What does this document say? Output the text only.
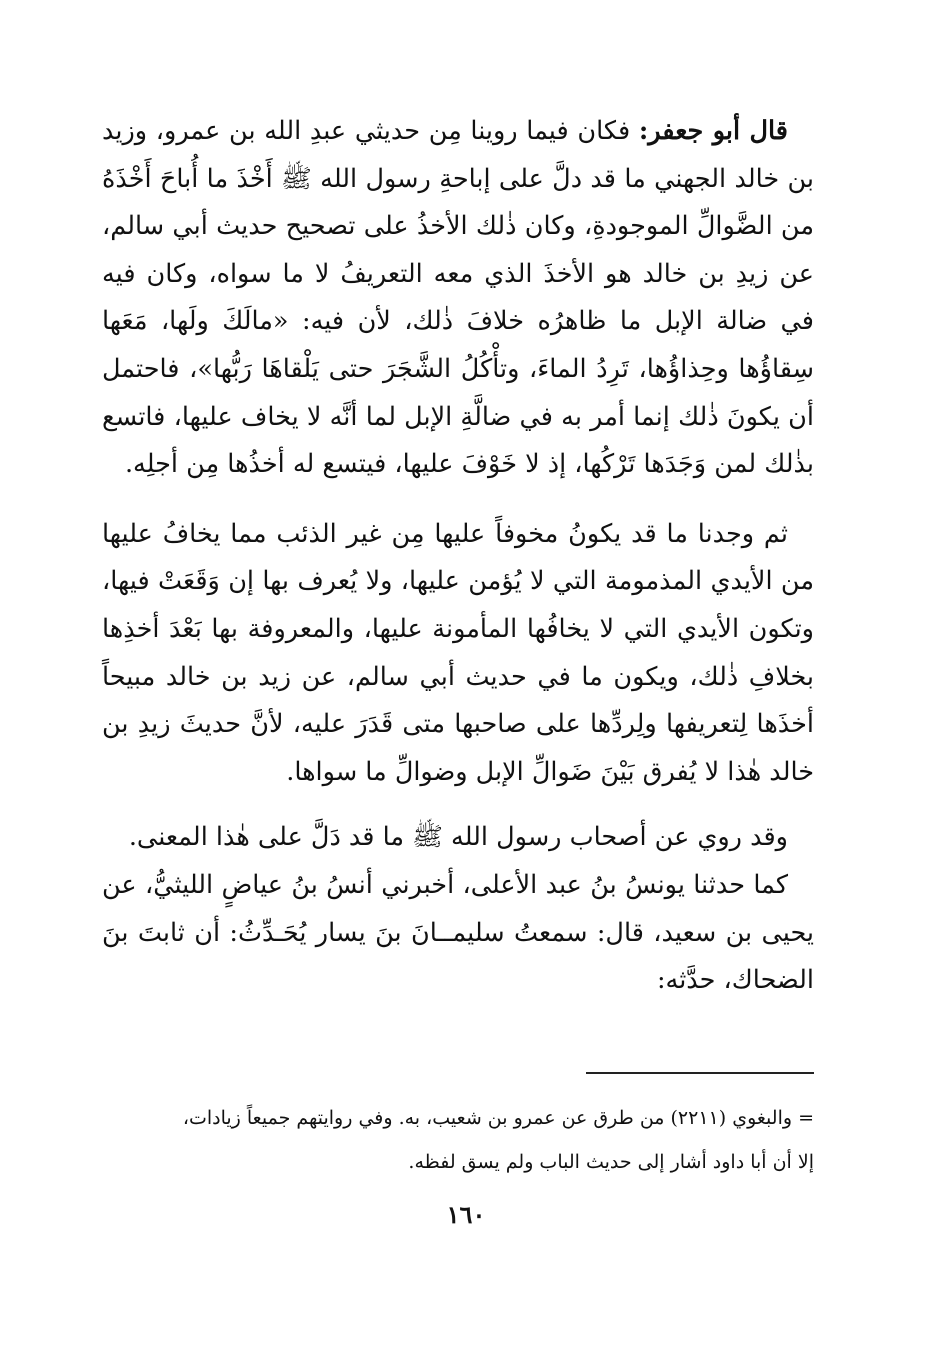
قال أبو جعفر: فكان فيما روينا مِن حديثي عبدِ الله بن عمرو، وزيد بن خالد الجهني ما قد دلَّ على إباحةِ رسول الله ﷺ أَخْذَ ما أُباحَ أَخْذَهُ من الضَّوالِّ الموجودةِ، وكان ذٰلك الأخذُ على تصحيح حديث أبي سالم، عن زيدِ بن خالد هو الأخذَ الذي معه التعريفُ لا ما سواه، وكان فيه في ضالة الإبل ما ظاهرُه خلافَ ذٰلك، لأن فيه: «مالَكَ ولَها، مَعَها سِقاؤُها وحِذاؤُها، تَرِدُ الماءَ، وتأْكُلُ الشَّجَرَ حتى يَلْقاهَا رَبُّها»، فاحتمل أن يكونَ ذٰلك إنما أمر به في ضالَّةِ الإبل لما أنَّه لا يخاف عليها، فاتسع بذٰلك لمن وَجَدَها تَرْكُها، إذ لا خَوْفَ عليها، فيتسع له أخذُها مِن أجلِه.

ثم وجدنا ما قد يكونُ مخوفاً عليها مِن غير الذئب مما يخافُ عليها من الأيدي المذمومة التي لا يُؤمن عليها، ولا يُعرف بها إن وَقَعَتْ فيها، وتكون الأيدي التي لا يخافُها المأمونة عليها، والمعروفة بها بَعْدَ أخذِها بخلافِ ذٰلك، ويكون ما في حديث أبي سالم، عن زيد بن خالد مبيحاً أخذَها لِتعريفها ولِردِّها على صاحبها متى قَدَرَ عليه، لأنَّ حديثَ زيدِ بن خالد هٰذا لا يُفرق بَيْنَ ضَوالِّ الإبل وضوالِّ ما سواها.

وقد روي عن أصحاب رسول الله ﷺ ما قد دَلَّ على هٰذا المعنى.

كما حدثنا يونسُ بنُ عبد الأعلى، أخبرني أنسُ بنُ عياضٍ الليثيُّ، عن يحيى بن سعيد، قال: سمعتُ سليمــانَ بنَ يسار يُحَـدِّثُ: أن ثابتَ بنَ الضحاك، حدَّثه:

= والبغوي (٢٢١١) من طرق عن عمرو بن شعيب، به. وفي روايتهم جميعاً زيادات،
إلا أن أبا داود أشار إلى حديث الباب ولم يسق لفظه.
١٦٠
